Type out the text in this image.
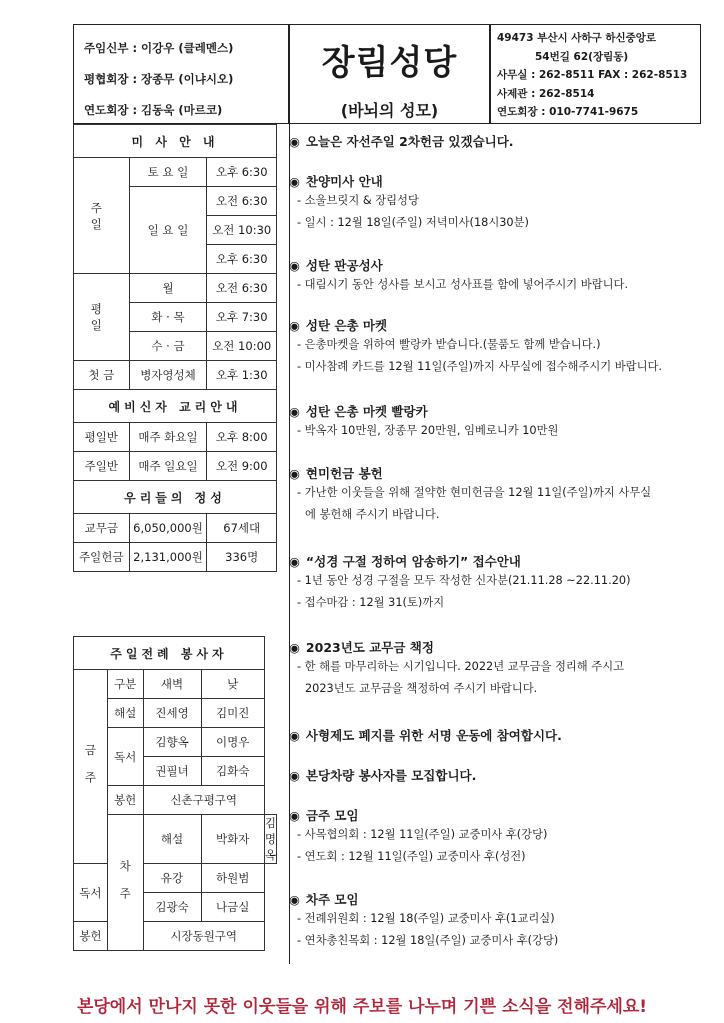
주임신부 : 이강우 (클레멘스)
평협회장 : 장종무 (이냐시오)
연도회장 : 김동욱 (마르코)
장림성당
(바뇌의 성모)
49473 부산시 사하구 하신중앙로
54번길 62(장림동)
사무실 : 262-8511 FAX : 262-8513
사제관 : 262-8514
연도회장 : 010-7741-9675
미 사 안 내		
주 일	토 요 일	오후 6:30
	일 요 일	오전 6:30
		오전 10:30
		오후 6:30
평 일	월	오전 6:30
	화 · 목	오후 7:30
	수 · 금	오전 10:00
첫 금	병자영성체	오후 1:30
예비신자 교리안내		
평일반	매주 화요일	오후 8:00
주일반	매주 일요일	오전 9:00
우리들의 정성		
교무금	6,050,000원	67세대
주일헌금	2,131,000원	336명
주일전례 봉사자				
금 주	구분	새벽	낮	
	해설	진세영	김미진	
	독서	김향옥	이명우	
		권필녀	김화숙	
	봉헌	신촌구평구역		
	차 주	해설	박화자	김명옥
독서		유강	하원범	
		김광숙	나금실	
봉헌		시장동원구역		
◉ 오늘은 자선주일 2차헌금 있겠습니다.
◉ 찬양미사 안내
- 소울브릿지 & 장림성당
- 일시 : 12월 18일(주일) 저녁미사(18시30분)
◉ 성탄 판공성사
- 대림시기 동안 성사를 보시고 성사표를 함에 넣어주시기 바랍니다.
◉ 성탄 은총 마켓
- 은총마켓을 위하여 빨랑카 받습니다.(물품도 함께 받습니다.)
- 미사참례 카드를 12월 11일(주일)까지 사무실에 접수해주시기 바랍니다.
◉ 성탄 은총 마켓 빨랑카
- 박옥자 10만원, 장종무 20만원, 임베로니카 10만원
◉ 현미헌금 봉헌
- 가난한 이웃들을 위해 절약한 현미헌금을 12월 11일(주일)까지 사무실
에 봉헌해 주시기 바랍니다.
◉ “성경 구절 정하여 암송하기” 접수안내
- 1년 동안 성경 구절을 모두 작성한 신자분(21.11.28 ~22.11.20)
- 접수마감 : 12월 31(토)까지
◉ 2023년도 교무금 책정
- 한 해를 마무리하는 시기입니다. 2022년 교무금을 정리해 주시고
2023년도 교무금을 책정하여 주시기 바랍니다.
◉ 사형제도 폐지를 위한 서명 운동에 참여합시다.
◉ 본당차량 봉사자를 모집합니다.
◉ 금주 모임
- 사목협의회 : 12월 11일(주일) 교중미사 후(강당)
- 연도회 : 12월 11일(주일) 교중미사 후(성전)
◉ 차주 모임
- 전례위원회 : 12월 18(주일) 교중미사 후(1교리실)
- 연차총친목회 : 12월 18일(주일) 교중미사 후(강당)
본당에서 만나지 못한 이웃들을 위해 주보를 나누며 기쁜 소식을 전해주세요!
